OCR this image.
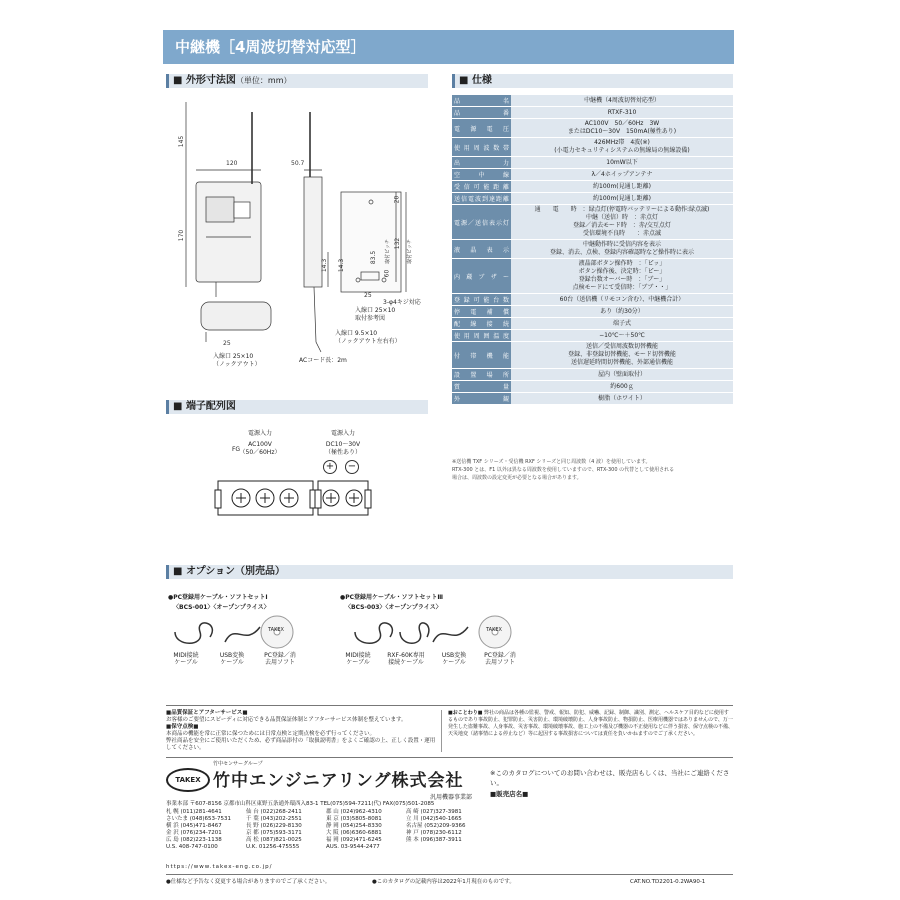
中継機［4周波切替対応型］
■ 外形寸法図（単位：mm）	■ 仕様
145
170
120	50.7
14.3 14.3
25
25
20
60
83.5
132
取付ピッチ	取付ピッチ
3-φ4キジ対応
入線口 25×10
取付参考図
入線口 9.5×10
（ノックアウト左右有）
入線口 25×10
（ノックアウト）
ACコード長：2m
品名	中継機（4周波切替対応型）

品番	RTXF-310

電源電圧	AC100V　50／60Hz　3W
またはDC10〜30V　150mA(極性あり)

使用周波数帯	426MHz帯　4波(※)
(小電力セキュリティシステムの無線局の無線設備)

出力	10mW以下

空中線	λ／4ホイップアンテナ

受信可能距離	約100m(見通し距離)

送信電波到達距離	約100m(見通し距離)

電源／送信表示灯	通　　電　　時　：緑点灯(停電時バッテリーによる動作:緑点滅)
中継（送信）時　：赤点灯
登録／消去モード時　：赤/交互点灯
受信環境不良時　　：赤点滅

液晶表示	中継動作時に受信内容を表示
登録、消去、点検、登録内容確認時など操作時に表示

内蔵ブザー	液晶部ボタン操作時　：「ピッ」
ボタン操作後、決定時：「ピー」
登録台数オーバー時　：「ブー」
点検モードにて受信時：「ブブ・・」

登録可能台数	60台（送信機（リモコン含む）、中継機合計）

停電補償	あり（約30分）

配線接続	端子式

使用周囲温度	−10℃〜＋50℃

付帯機能	送信／受信周波数切替機能
登録、非登録切替機能、モード切替機能
送信遅延時間切替機能、外部通信機能

設置場所	屋内（壁面取付）

質量	約600ｇ

外観	樹脂（ホワイト）
※送信機 TXF シリーズ・受信機 RXF シリーズと同じ周波数（4 波）を使用しています。
RTX-300 とは、F1 以外は異なる周波数を使用していますので、RTX-300 の代替として使用される
場合は、周波数の設定変更が必要となる場合があります。
■ 端子配列図
電源入力
AC100V
（50／60Hz）
FG
電源入力
DC10〜30V
（極性あり）
+ −
■ オプション（別売品）
●PC登録用ケーブル・ソフトセットⅠ
〈BCS-001〉〈オープンプライス〉
●PC登録用ケーブル・ソフトセットⅢ
〈BCS-003〉〈オープンプライス〉
TAKEX	TAKEX
MIDI接続
ケーブル
USB変換
ケーブル
PC登録／消
去用ソフト
MIDI接続
ケーブル
RXF-60K専用
接続ケーブル
USB変換
ケーブル
PC登録／消
去用ソフト
■品質保証とアフターサービス■
お客様のご要望にスピーディに対応できる品質保証体制とアフターサービス体制を整えています。
■保守点検■
本商品の機能を常に正常に保つためには日常点検と定期点検を必ず行ってください。
弊社商品を安全にご使用いただくため、必ず商品添付の「取扱説明書」をよくご確認の上、正しく設置・運用してください。
■おことわり■ 弊社の商品は各種の監視、警戒、報知、防犯、威嚇、記録、制御、識別、測定、ヘルスケア目的などに使用するものであり事故防止、犯罪防止、災害防止、環境破壊防止、人身事故防止、物損防止、医療用機器ではありませんので、万一発生した盗難事故、人身事故、災害事故、環境破壊事故、施工上の不備及び機器の不正使用などに伴う損害、保守点検の不備、天災地変（諸事情による停止など）等に起因する事故損害については責任を負いかねますのでご了承ください。
竹中センサーグループ
TAKEX 竹中エンジニアリング株式会社
汎用機器事業部
事業本部 〒607-8156 京都市山科区東野五条通外環西入83-1 TEL(075)594-7211(代) FAX(075)501-2085
札 幌 (011)281-4641	仙 台 (022)268-2411	郡 山 (024)962-4310	高 崎 (027)327-3981
さいたま (048)653-7531	千 葉 (043)202-2551	東 京 (03)5805-8081	立 川 (042)540-1665
横 浜 (045)471-8467	長 野 (026)229-8130	静 岡 (054)254-8330	名古屋 (052)209-9366
金 沢 (076)234-7201	京 都 (075)593-3171	大 阪 (06)6360-6881	神 戸 (078)230-6112
広 島 (082)223-1138	高 松 (087)821-0025	福 岡 (092)471-6245	熊 本 (096)387-3911
U.S. 408-747-0100	U.K. 01256-475555	AUS. 03-9544-2477
https://www.takex-eng.co.jp/
※このカタログについてのお問い合わせは、販売店もしくは、当社にご連絡ください。
■販売店名■
●仕様など予告なく変更する場合がありますのでご了承ください。	●このカタログの記載内容は2022年1月現在のものです。	CAT.NO.TD2201-0.2WA90-1
